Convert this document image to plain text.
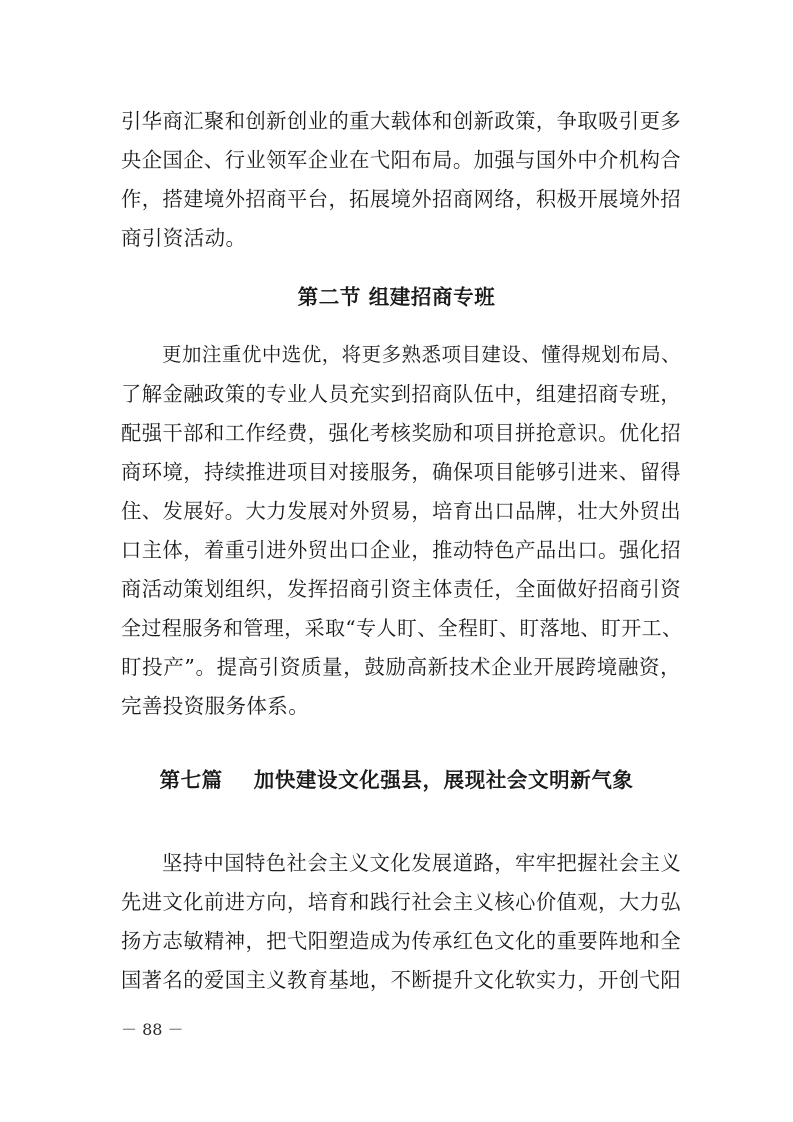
引华商汇聚和创新创业的重大载体和创新政策，争取吸引更多
央企国企、行业领军企业在弋阳布局。加强与国外中介机构合
作，搭建境外招商平台，拓展境外招商网络，积极开展境外招
商引资活动。
第二节 组建招商专班
更加注重优中选优，将更多熟悉项目建设、懂得规划布局、
了解金融政策的专业人员充实到招商队伍中，组建招商专班，
配强干部和工作经费，强化考核奖励和项目拼抢意识。优化招
商环境，持续推进项目对接服务，确保项目能够引进来、留得
住、发展好。大力发展对外贸易，培育出口品牌，壮大外贸出
口主体，着重引进外贸出口企业，推动特色产品出口。强化招
商活动策划组织，发挥招商引资主体责任，全面做好招商引资
全过程服务和管理，采取“专人盯、全程盯、盯落地、盯开工、
盯投产”。提高引资质量，鼓励高新技术企业开展跨境融资，
完善投资服务体系。
第七篇    加快建设文化强县，展现社会文明新气象
坚持中国特色社会主义文化发展道路，牢牢把握社会主义
先进文化前进方向，培育和践行社会主义核心价值观，大力弘
扬方志敏精神，把弋阳塑造成为传承红色文化的重要阵地和全
国著名的爱国主义教育基地，不断提升文化软实力，开创弋阳
－ 88 －
